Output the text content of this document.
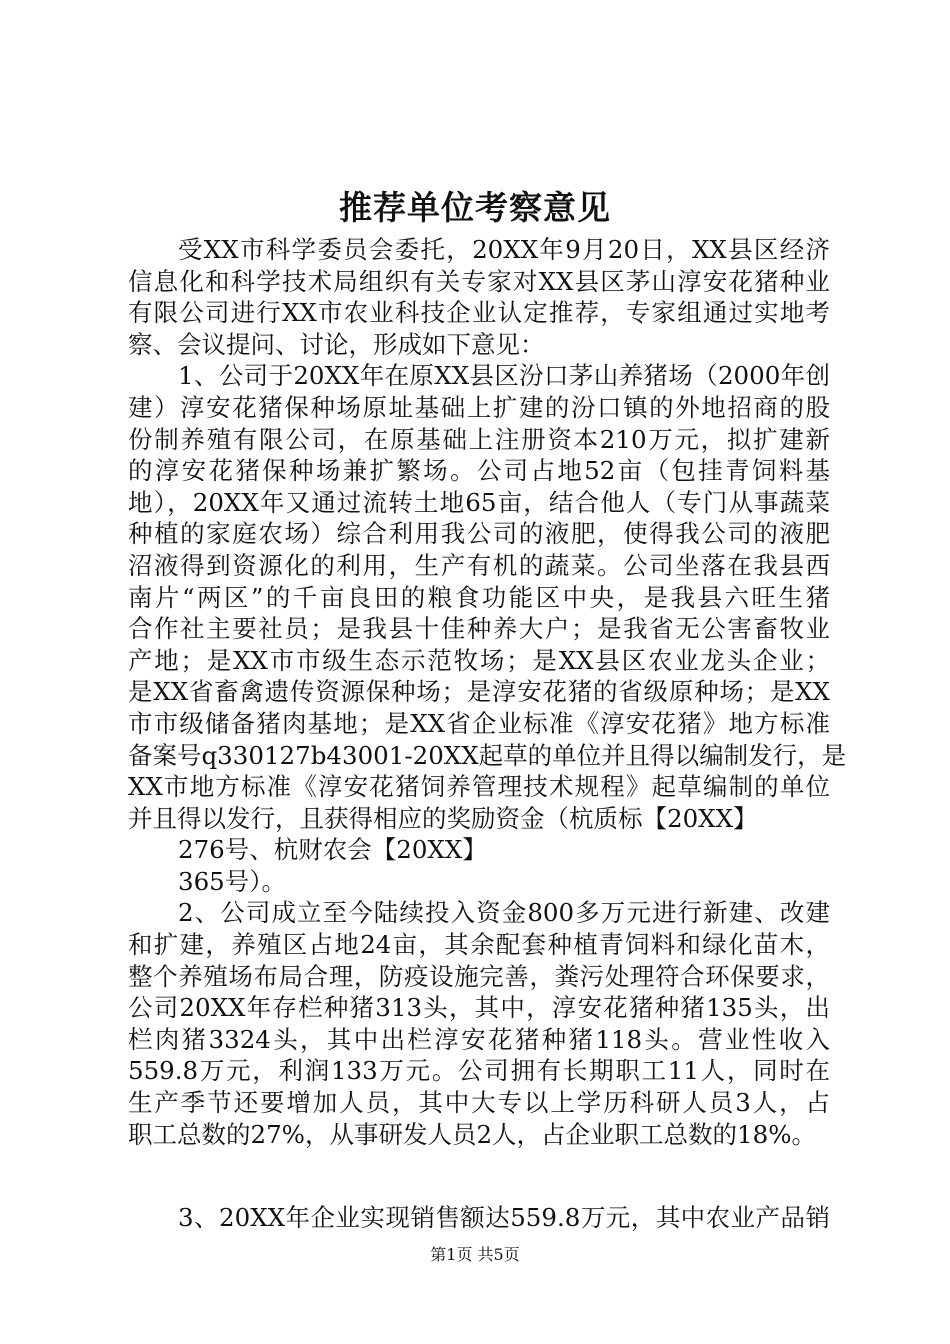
推荐单位考察意见
受XX市科学委员会委托，20XX年9月20日，XX县区经济
信息化和科学技术局组织有关专家对XX县区茅山淳安花猪种业
有限公司进行XX市农业科技企业认定推荐，专家组通过实地考
察、会议提问、讨论，形成如下意见：
1、公司于20XX年在原XX县区汾口茅山养猪场（2000年创
建）淳安花猪保种场原址基础上扩建的汾口镇的外地招商的股
份制养殖有限公司，在原基础上注册资本210万元，拟扩建新
的淳安花猪保种场兼扩繁场。公司占地52亩（包挂青饲料基
地），20XX年又通过流转土地65亩，结合他人（专门从事蔬菜
种植的家庭农场）综合利用我公司的液肥，使得我公司的液肥
沼液得到资源化的利用，生产有机的蔬菜。公司坐落在我县西
南片“两区”的千亩良田的粮食功能区中央，是我县六旺生猪
合作社主要社员；是我县十佳种养大户；是我省无公害畜牧业
产地；是XX市市级生态示范牧场；是XX县区农业龙头企业；
是XX省畜禽遗传资源保种场；是淳安花猪的省级原种场；是XX
市市级储备猪肉基地；是XX省企业标准《淳安花猪》地方标准
备案号q330127b43001-20XX起草的单位并且得以编制发行，是
XX市地方标准《淳安花猪饲养管理技术规程》起草编制的单位
并且得以发行，且获得相应的奖励资金（杭质标【20XX】
276号、杭财农会【20XX】
365号）。
2、公司成立至今陆续投入资金800多万元进行新建、改建
和扩建，养殖区占地24亩，其余配套种植青饲料和绿化苗木，
整个养殖场布局合理，防疫设施完善，粪污处理符合环保要求，
公司20XX年存栏种猪313头，其中，淳安花猪种猪135头，出
栏肉猪3324头，其中出栏淳安花猪种猪118头。营业性收入
559.8万元，利润133万元。公司拥有长期职工11人，同时在
生产季节还要增加人员，其中大专以上学历科研人员3人，占
职工总数的27%，从事研发人员2人，占企业职工总数的18%。
3、20XX年企业实现销售额达559.8万元，其中农业产品销
第1页 共5页
